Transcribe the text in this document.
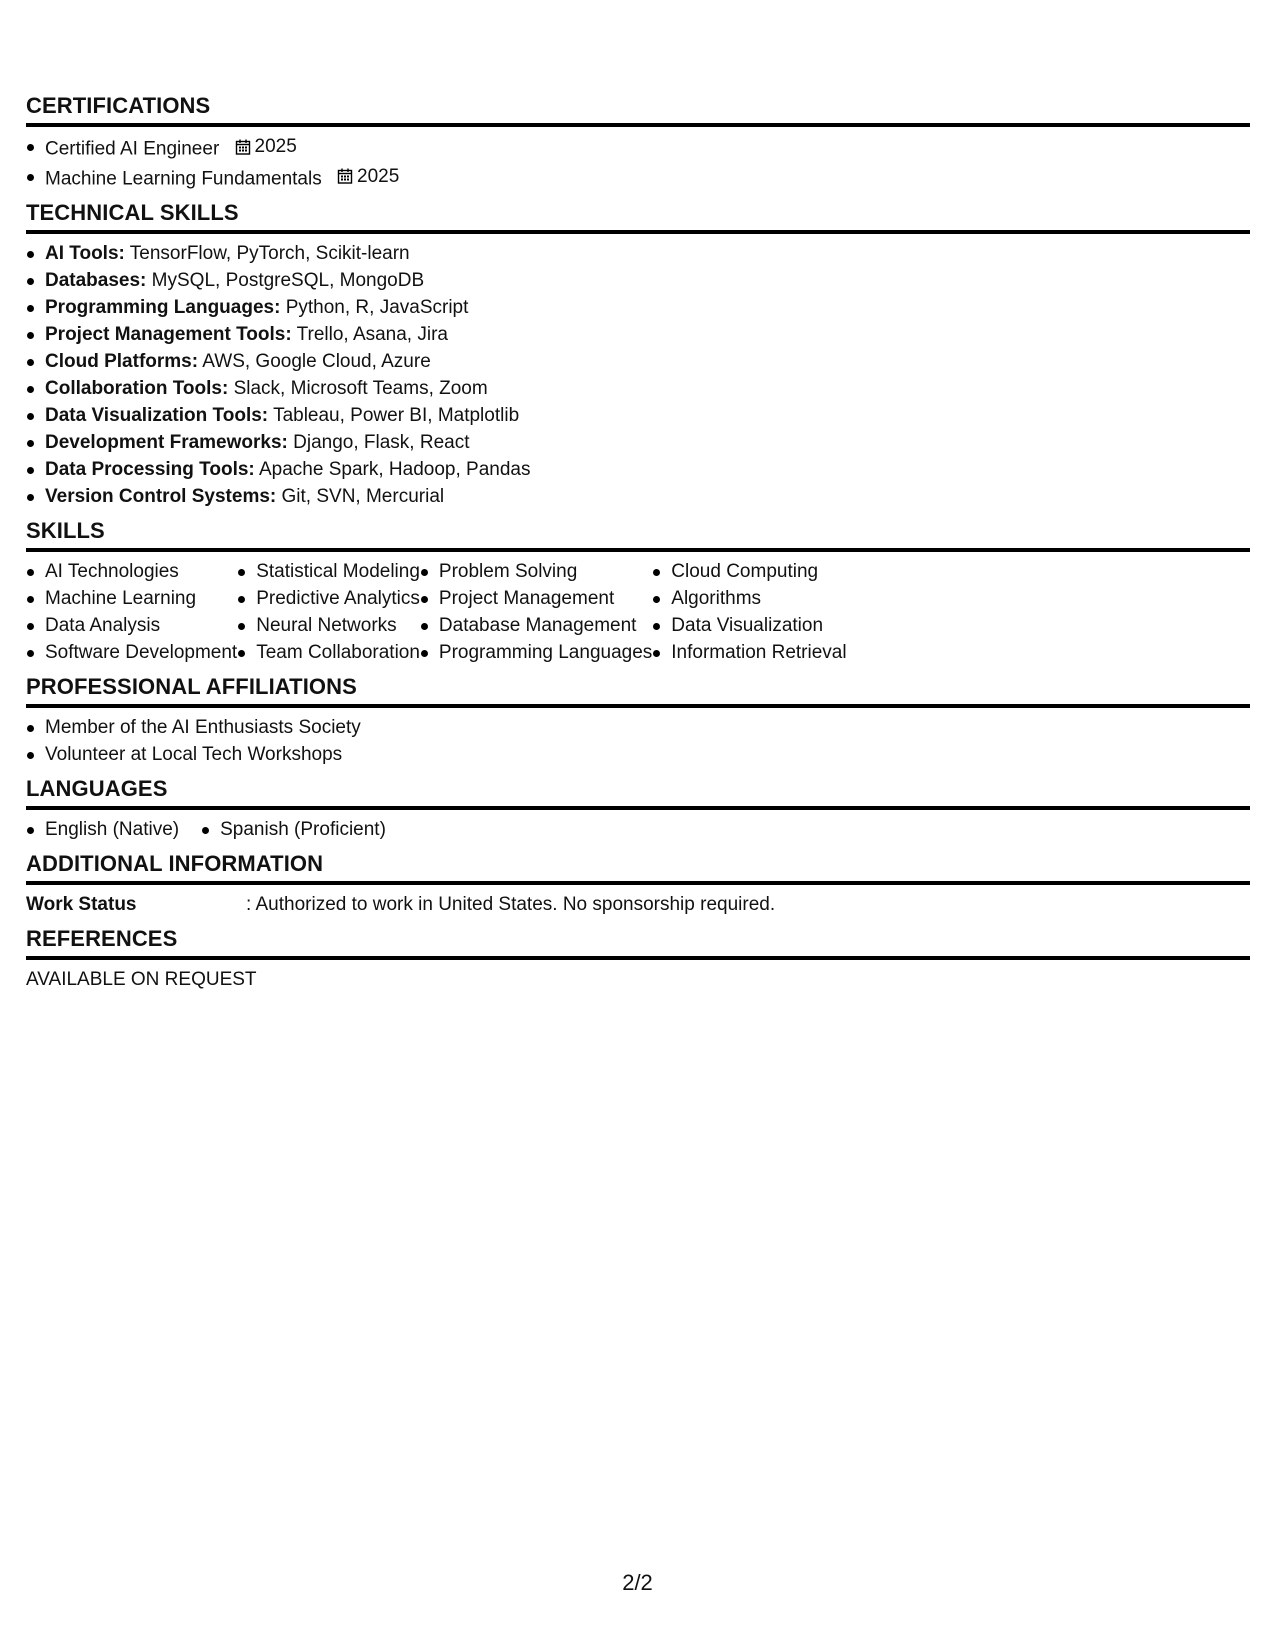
CERTIFICATIONS
Certified AI Engineer 2025
Machine Learning Fundamentals 2025
TECHNICAL SKILLS
AI Tools: TensorFlow, PyTorch, Scikit-learn
Databases: MySQL, PostgreSQL, MongoDB
Programming Languages: Python, R, JavaScript
Project Management Tools: Trello, Asana, Jira
Cloud Platforms: AWS, Google Cloud, Azure
Collaboration Tools: Slack, Microsoft Teams, Zoom
Data Visualization Tools: Tableau, Power BI, Matplotlib
Development Frameworks: Django, Flask, React
Data Processing Tools: Apache Spark, Hadoop, Pandas
Version Control Systems: Git, SVN, Mercurial
SKILLS
AI Technologies
Machine Learning
Data Analysis
Software Development
Statistical Modeling
Predictive Analytics
Neural Networks
Team Collaboration
Problem Solving
Project Management
Database Management
Programming Languages
Cloud Computing
Algorithms
Data Visualization
Information Retrieval
PROFESSIONAL AFFILIATIONS
Member of the AI Enthusiasts Society
Volunteer at Local Tech Workshops
LANGUAGES
English (Native)	Spanish (Proficient)
ADDITIONAL INFORMATION
Work Status	: Authorized to work in United States. No sponsorship required.
REFERENCES
AVAILABLE ON REQUEST
2/2
